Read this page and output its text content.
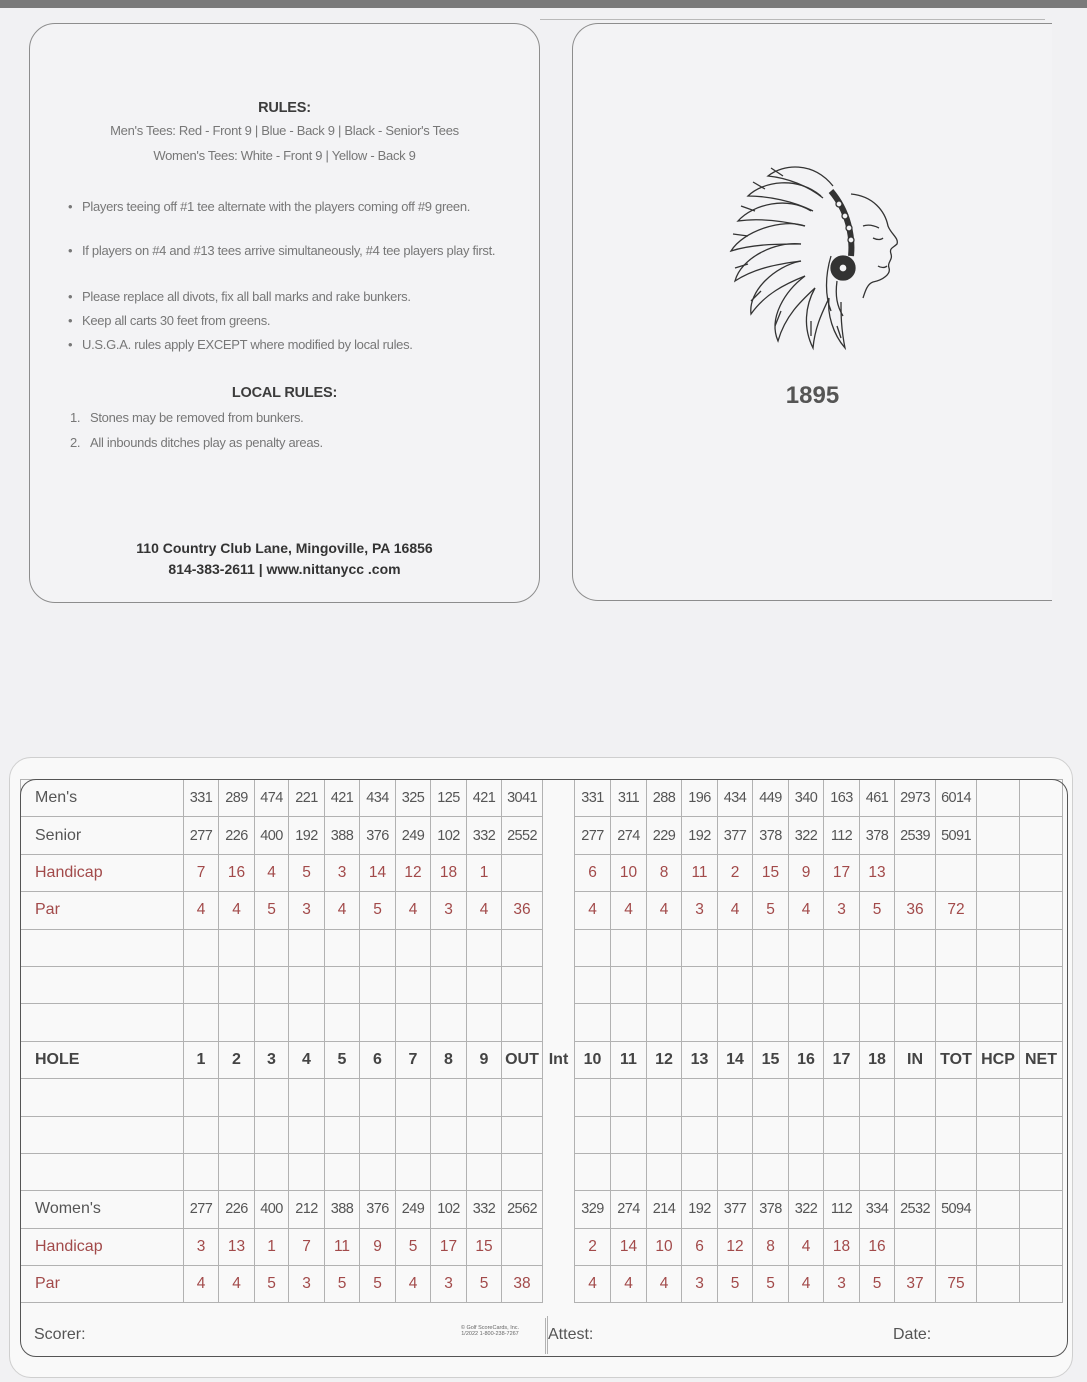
RULES:
Men's Tees: Red - Front 9 | Blue - Back 9 | Black - Senior's Tees
Women's Tees: White - Front 9 | Yellow - Back 9
• Players teeing off #1 tee alternate with the players coming off #9 green.
• If players on #4 and #13 tees arrive simultaneously, #4 tee players play first.
• Please replace all divots, fix all ball marks and rake bunkers.
• Keep all carts 30 feet from greens.
• U.S.G.A. rules apply EXCEPT where modified by local rules.
LOCAL RULES:
1. Stones may be removed from bunkers.
2. All inbounds ditches play as penalty areas.
110 Country Club Lane, Mingoville, PA 16856
814-383-2611 | www.nittanycc .com
1895
Men's	331	289	474	221	421	434	325	125	421	3041		331	311	288	196	434	449	340	163	461	2973	6014		
Senior	277	226	400	192	388	376	249	102	332	2552		277	274	229	192	377	378	322	112	378	2539	5091		
Handicap	7	16	4	5	3	14	12	18	1			6	10	8	11	2	15	9	17	13				
Par	4	4	5	3	4	5	4	3	4	36		4	4	4	3	4	5	4	3	5	36	72		

HOLE	1	2	3	4	5	6	7	8	9	OUT	Int	10	11	12	13	14	15	16	17	18	IN	TOT	HCP	NET

Women's	277	226	400	212	388	376	249	102	332	2562		329	274	214	192	377	378	322	112	334	2532	5094		
Handicap	3	13	1	7	11	9	5	17	15			2	14	10	6	12	8	4	18	16				
Par	4	4	5	3	5	5	4	3	5	38		4	4	4	3	5	5	4	3	5	37	75		
Scorer:	© Golf ScoreCards, Inc.
1/2022 1-800-238-7267	Attest:	Date:
